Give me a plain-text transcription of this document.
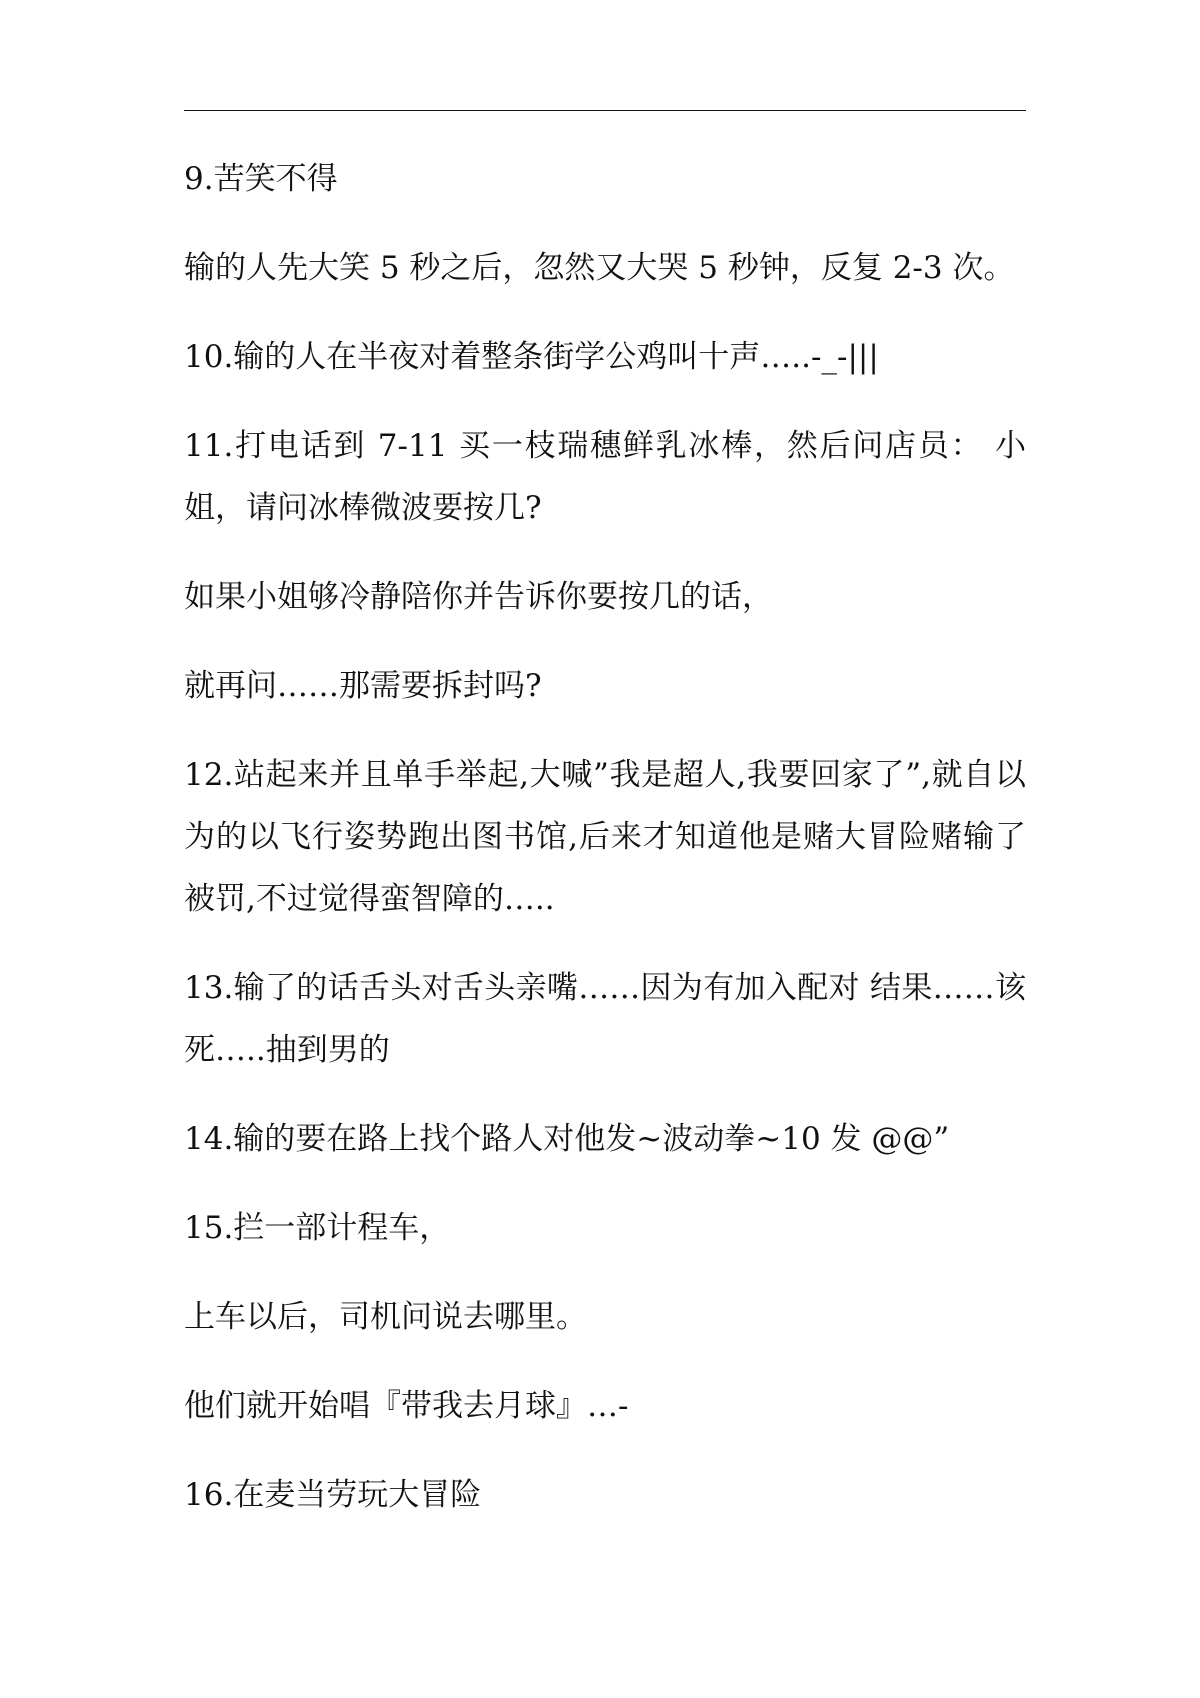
9.苦笑不得

输的人先大笑 5 秒之后，忽然又大哭 5 秒钟，反复 2-3 次。

10.输的人在半夜对着整条街学公鸡叫十声…..-_-|||

11.打电话到 7-11 买一枝瑞穗鲜乳冰棒，然后问店员： 小姐，请问冰棒微波要按几?

如果小姐够冷静陪你并告诉你要按几的话，

就再问……那需要拆封吗?

12.站起来并且单手举起,大喊”我是超人,我要回家了”,就自以为的以飞行姿势跑出图书馆,后来才知道他是赌大冒险赌输了被罚,不过觉得蛮智障的…..

13.输了的话舌头对舌头亲嘴……因为有加入配对 结果……该死…..抽到男的

14.输的要在路上找个路人对他发~波动拳~10 发 @@”

15.拦一部计程车，

上车以后，司机问说去哪里。

他们就开始唱『带我去月球』…-

16.在麦当劳玩大冒险
